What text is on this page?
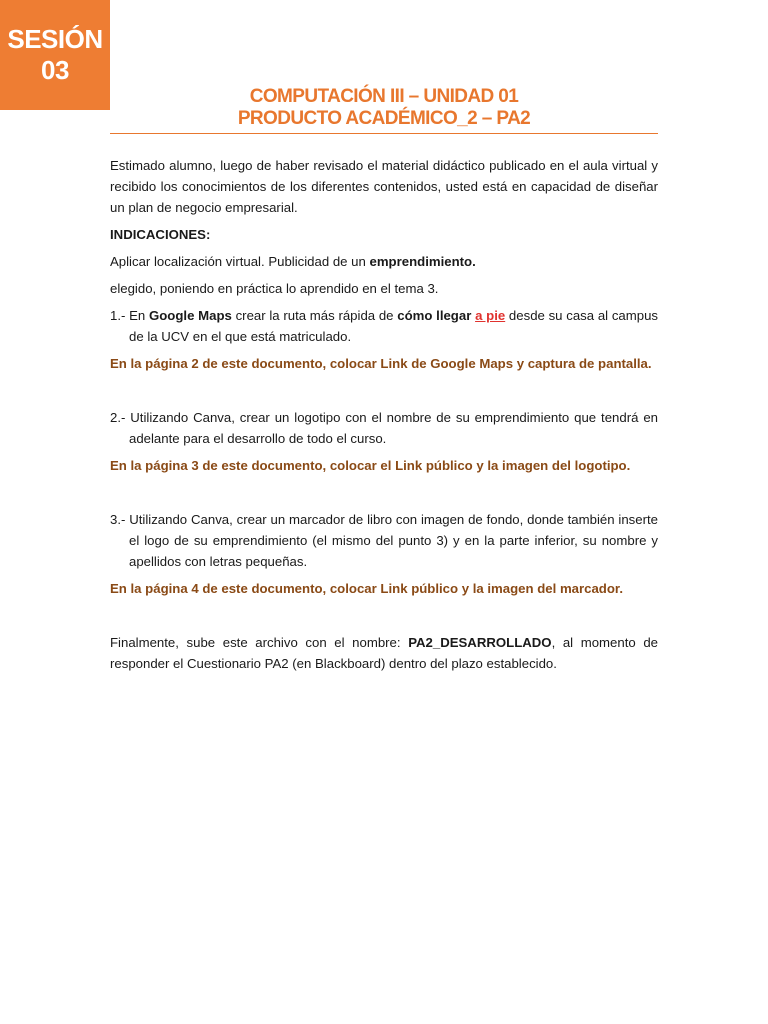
SESIÓN
03
COMPUTACIÓN III – UNIDAD 01
PRODUCTO ACADÉMICO_2 – PA2

Estimado alumno, luego de haber revisado el material didáctico publicado en el aula virtual y recibido los conocimientos de los diferentes contenidos, usted está en capacidad de diseñar un plan de negocio empresarial.

INDICACIONES:

Aplicar localización virtual. Publicidad de un emprendimiento.

elegido, poniendo en práctica lo aprendido en el tema 3.

1.- En Google Maps crear la ruta más rápida de cómo llegar a pie desde su casa al campus de la UCV en el que está matriculado.

En la página 2 de este documento, colocar Link de Google Maps y captura de pantalla.

2.- Utilizando Canva, crear un logotipo con el nombre de su emprendimiento que tendrá en adelante para el desarrollo de todo el curso.

En la página 3 de este documento, colocar el Link público y la imagen del logotipo.

3.- Utilizando Canva, crear un marcador de libro con imagen de fondo, donde también inserte el logo de su emprendimiento (el mismo del punto 3) y en la parte inferior, su nombre y apellidos con letras pequeñas.

En la página 4 de este documento, colocar Link público y la imagen del marcador.

Finalmente, sube este archivo con el nombre: PA2_DESARROLLADO, al momento de responder el Cuestionario PA2 (en Blackboard) dentro del plazo establecido.
